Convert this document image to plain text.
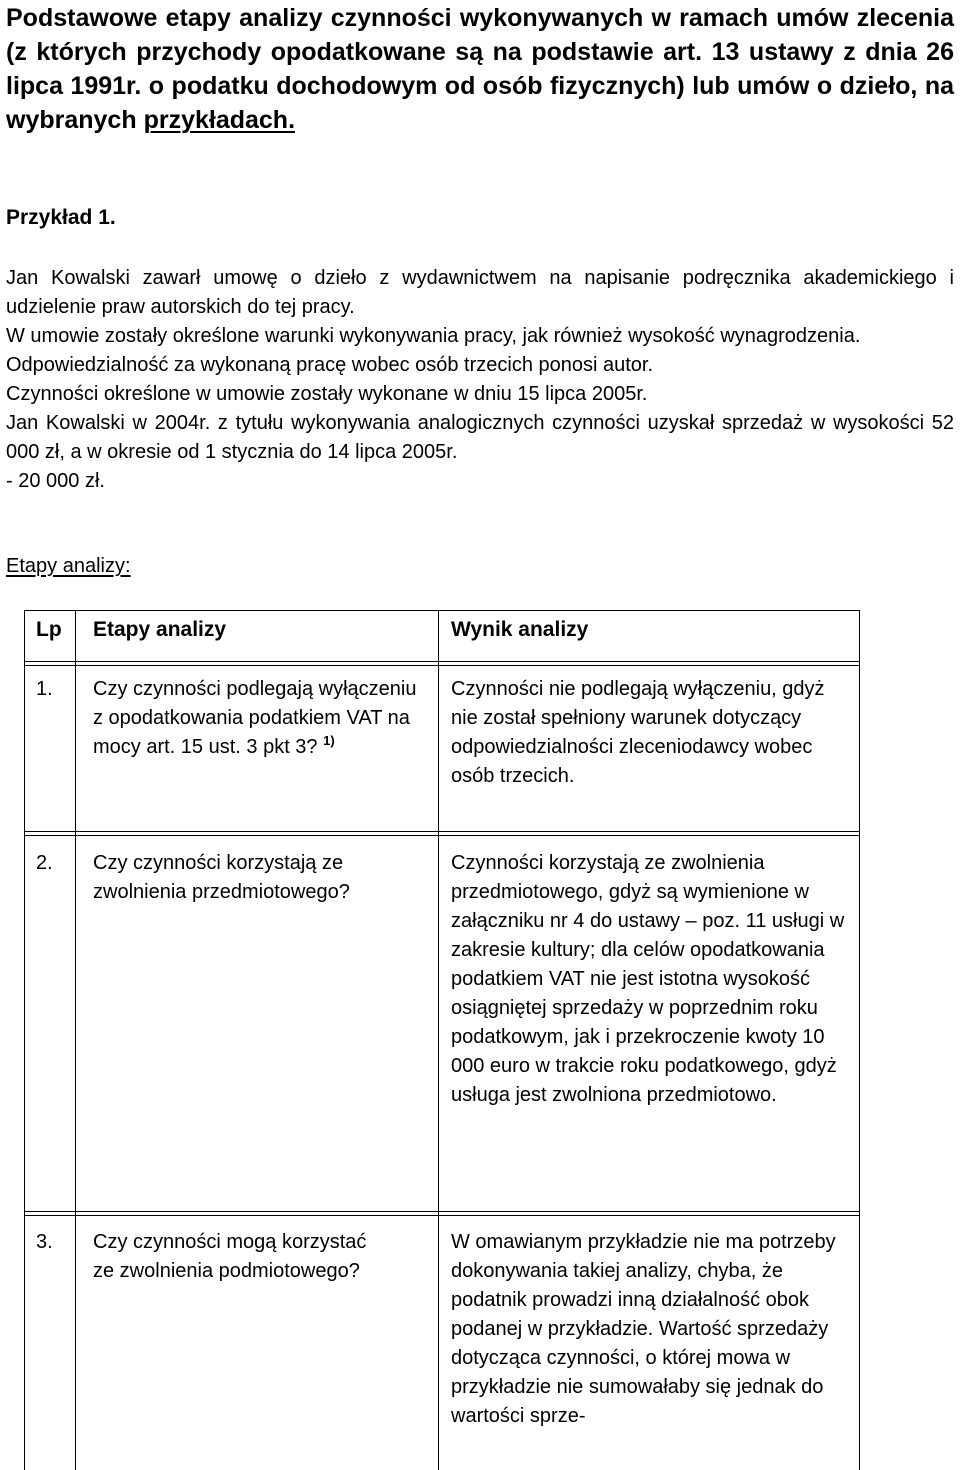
Podstawowe etapy analizy czynności wykonywanych w ramach umów zlecenia (z których przychody opodatkowane są na podstawie art. 13 ustawy z dnia 26 lipca 1991r. o podatku dochodowym od osób fizycznych) lub umów o dzieło, na wybranych przykładach.
Przykład 1.

Jan Kowalski zawarł umowę o dzieło z wydawnictwem na napisanie podręcznika akademickiego i udzielenie praw autorskich do tej pracy.

W umowie zostały określone warunki wykonywania pracy, jak również wysokość wynagrodzenia.

Odpowiedzialność za wykonaną pracę wobec osób trzecich ponosi autor.

Czynności określone w umowie zostały wykonane w dniu 15 lipca 2005r.

Jan Kowalski w 2004r. z tytułu wykonywania analogicznych czynności uzyskał sprzedaż w wysokości 52 000 zł, a w okresie od 1 stycznia do 14 lipca 2005r.

- 20 000 zł.

Etapy analizy:
Lp Etapy analizy	Wynik analizy
1. Czy czynności podlegają wyłączeniu z opodatkowania podatkiem VAT na mocy art. 15 ust. 3 pkt 3? $^{1)}$
Czynności nie podlegają wyłączeniu, gdyż nie został spełniony warunek dotyczący odpowiedzialności zleceniodawcy wobec osób trzecich.
2. Czy czynności korzystają ze zwolnienia przedmiotowego?
Czynności korzystają ze zwolnienia przedmiotowego, gdyż są wymienione w załączniku nr 4 do ustawy – poz. 11 usługi w zakresie kultury; dla celów opodatkowania podatkiem VAT nie jest istotna wysokość osiągniętej sprzedaży w poprzednim roku podatkowym, jak i przekroczenie kwoty 10 000 euro w trakcie roku podatkowego, gdyż usługa jest zwolniona przedmiotowo.
3. Czy czynności mogą korzystać ze zwolnienia podmiotowego?
W omawianym przykładzie nie ma potrzeby dokonywania takiej analizy, chyba, że podatnik prowadzi inną działalność obok podanej w przykładzie. Wartość sprzedaży dotycząca czynności, o której mowa w przykładzie nie sumowałaby się jednak do wartości sprze-
